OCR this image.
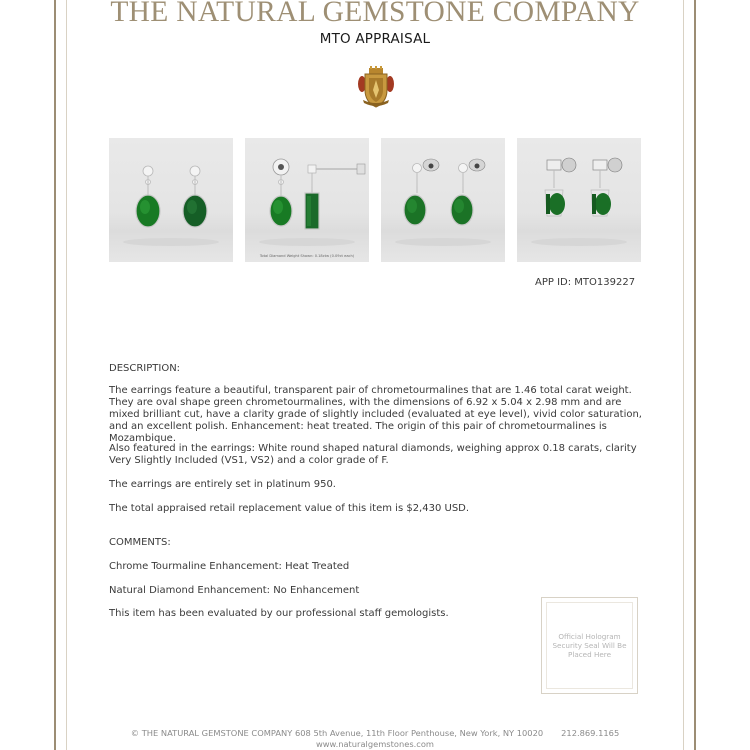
THE NATURAL GEMSTONE COMPANY
MTO APPRAISAL
Total Diamond Weight Shown: 0.18ctw (0.09ct each)
APP ID: MTO139227
DESCRIPTION:
The earrings feature a beautiful, transparent pair of chrometourmalines that are 1.46 total carat weight. They are oval shape green chrometourmalines, with the dimensions of 6.92 x 5.04 x 2.98 mm and are mixed brilliant cut, have a clarity grade of slightly included (evaluated at eye level), vivid color saturation, and an excellent polish. Enhancement: heat treated. The origin of this pair of chrometourmalines is Mozambique.
Also featured in the earrings: White round shaped natural diamonds, weighing approx 0.18 carats, clarity Very Slightly Included (VS1, VS2) and a color grade of F.
The earrings are entirely set in platinum 950.
The total appraised retail replacement value of this item is $2,430 USD.
COMMENTS:
Chrome Tourmaline Enhancement: Heat Treated
Natural Diamond Enhancement: No Enhancement
This item has been evaluated by our professional staff gemologists.
Official Hologram Security Seal Will Be Placed Here
© THE NATURAL GEMSTONE COMPANY 608 5th Avenue, 11th Floor Penthouse, New York, NY 10020 212.869.1165
www.naturalgemstones.com
